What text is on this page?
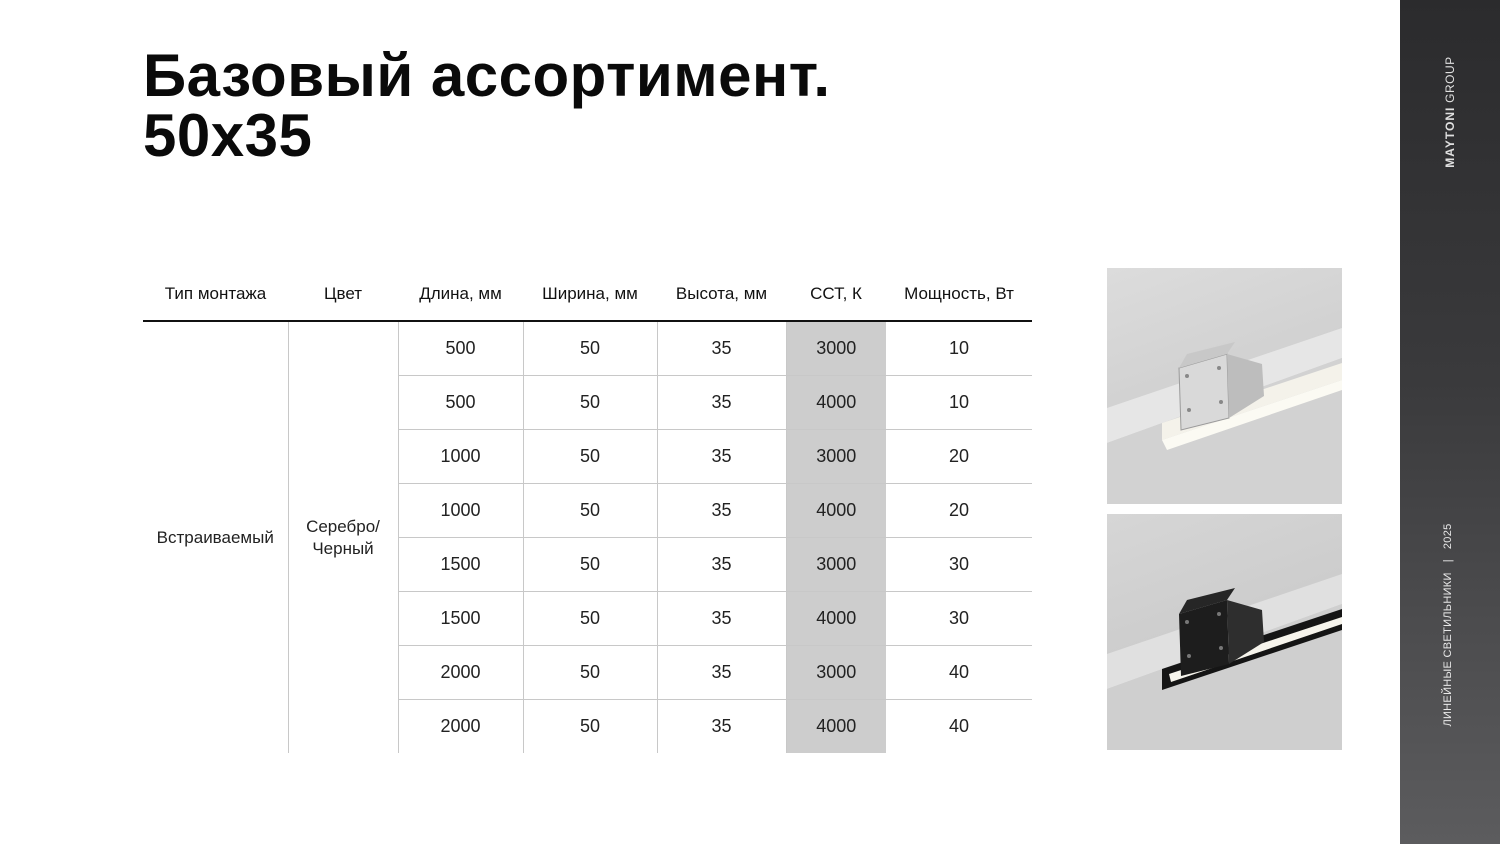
Базовый ассортимент.
50x35
Тип монтажа	Цвет	Длина, мм	Ширина, мм	Высота, мм	ССТ, К	Мощность, Вт
Встраиваемый	Серебро/ Черный	500	50	35	3000	10
		500	50	35	4000	10
		1000	50	35	3000	20
		1000	50	35	4000	20
		1500	50	35	3000	30
		1500	50	35	4000	30
		2000	50	35	3000	40
		2000	50	35	4000	40
MAYTONI GROUP
ЛИНЕЙНЫЕ СВЕТИЛЬНИКИ|2025
